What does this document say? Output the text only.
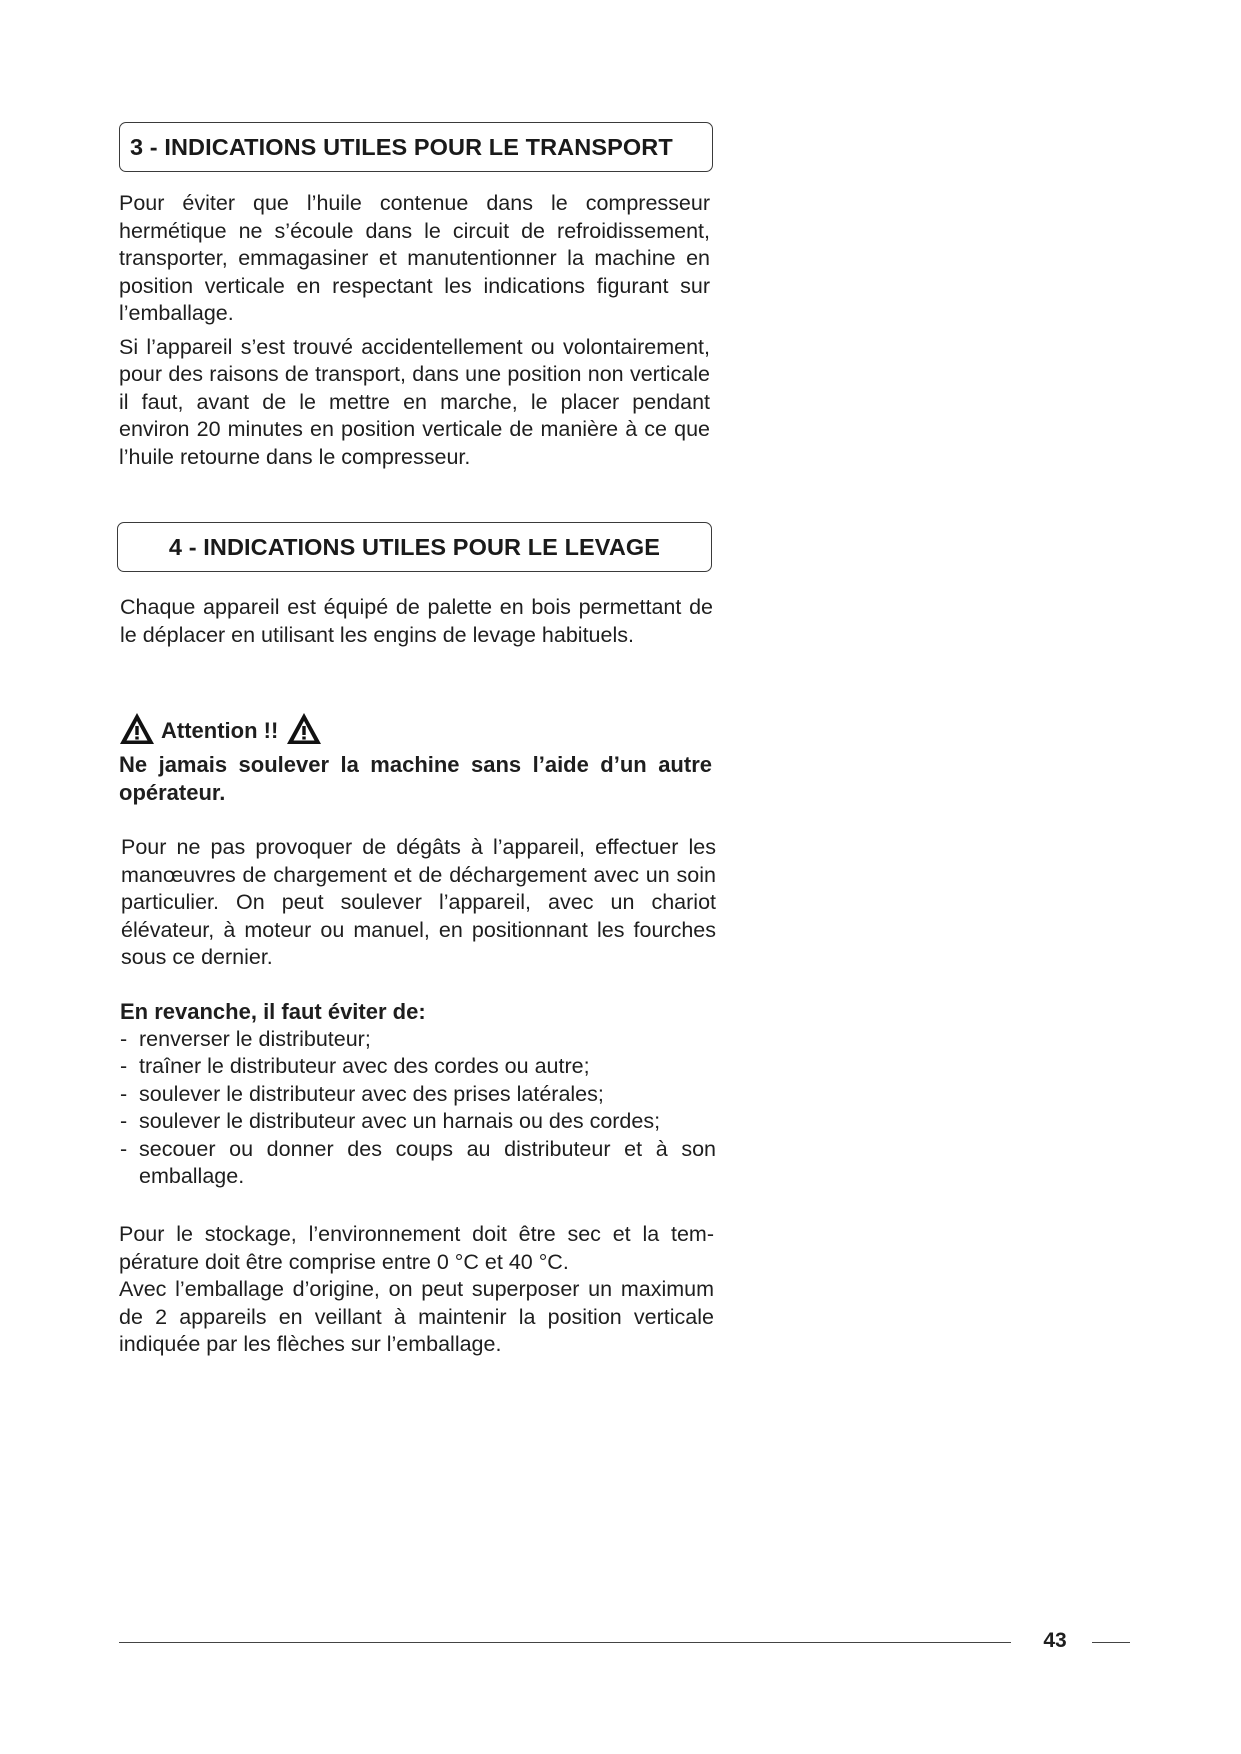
3 - INDICATIONS UTILES POUR LE TRANSPORT

Pour éviter que l’huile contenue dans le compresseur hermétique ne s’écoule dans le circuit de refroidissement, transporter, emmagasiner et manutentionner la machine en position verticale en respectant les indications figurant sur l’emballage.

Si l’appareil s’est trouvé accidentellement ou volontairement, pour des raisons de transport, dans une position non verticale il faut, avant de le mettre en marche, le placer pendant environ 20 minutes en position verticale de manière à ce que l’huile retourne dans le compresseur.

4 - INDICATIONS UTILES POUR LE LEVAGE

Chaque appareil est équipé de palette en bois permettant de le déplacer en utilisant les engins de levage habituels.

Attention !!

Ne jamais soulever la machine sans l’aide d’un autre opérateur.

Pour ne pas provoquer de dégâts à l’appareil, effectuer les manœuvres de chargement et de déchargement avec un soin particulier. On peut soulever l’appareil, avec un chariot élévateur, à moteur ou manuel, en positionnant les fourches sous ce dernier.

En revanche, il faut éviter de:

- renverser le distributeur;
- traîner le distributeur avec des cordes ou autre;
- soulever le distributeur avec des prises latérales;
- soulever le distributeur avec un harnais ou des cordes;
- secouer ou donner des coups au distributeur et à son emballage.

Pour le stockage, l’environnement doit être sec et la tem-pérature doit être comprise entre 0 °C et 40 °C.

Avec l’emballage d’origine, on peut superposer un maximum de 2 appareils en veillant à maintenir la position verticale indiquée par les flèches sur l’emballage.

43
